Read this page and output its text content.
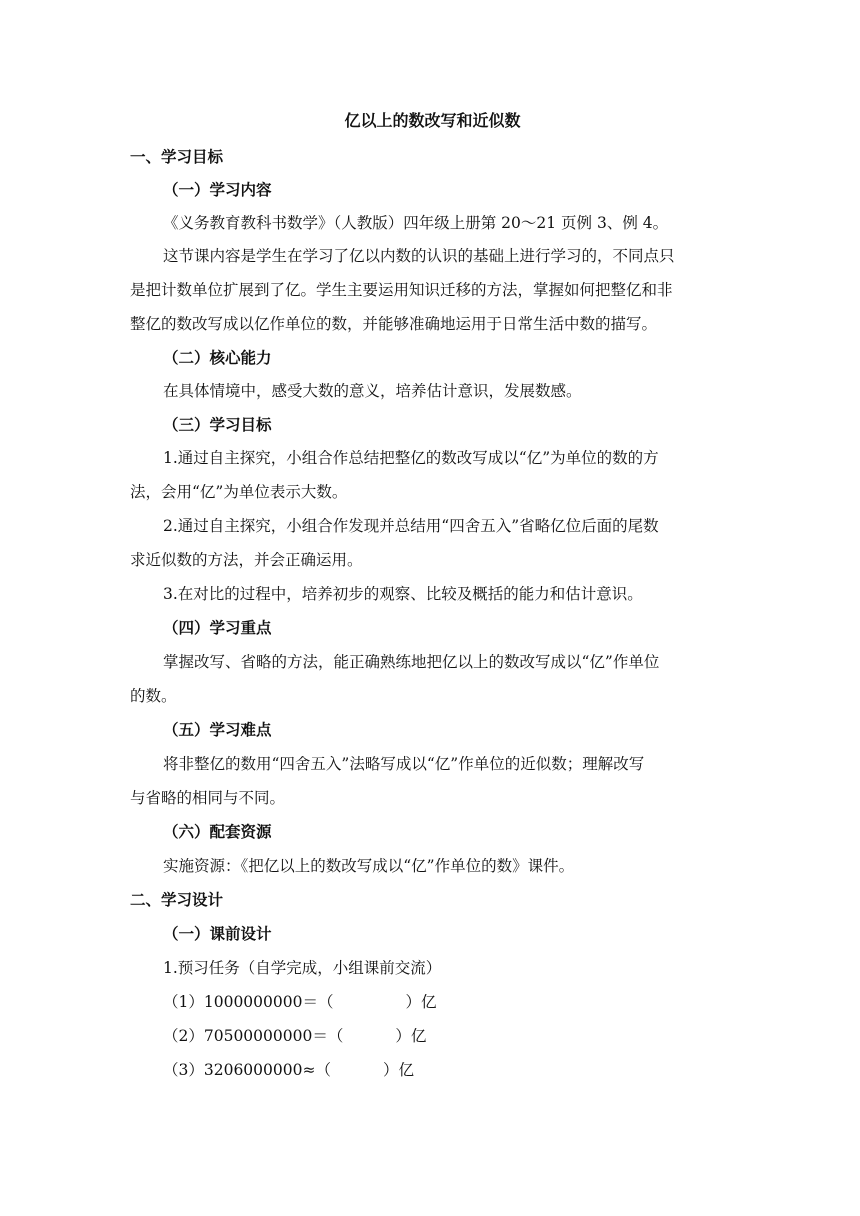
亿以上的数改写和近似数
一、学习目标
（一）学习内容
《义务教育教科书数学》（人教版）四年级上册第 20～21 页例 3、例 4。
这节课内容是学生在学习了亿以内数的认识的基础上进行学习的，不同点只
是把计数单位扩展到了亿。学生主要运用知识迁移的方法，掌握如何把整亿和非
整亿的数改写成以亿作单位的数，并能够准确地运用于日常生活中数的描写。
（二）核心能力
在具体情境中，感受大数的意义，培养估计意识，发展数感。
（三）学习目标
1.通过自主探究，小组合作总结把整亿的数改写成以“亿”为单位的数的方
法，会用“亿”为单位表示大数。
2.通过自主探究，小组合作发现并总结用“四舍五入”省略亿位后面的尾数
求近似数的方法，并会正确运用。
3.在对比的过程中，培养初步的观察、比较及概括的能力和估计意识。
（四）学习重点
掌握改写、省略的方法，能正确熟练地把亿以上的数改写成以“亿”作单位
的数。
（五）学习难点
将非整亿的数用“四舍五入”法略写成以“亿”作单位的近似数；理解改写
与省略的相同与不同。
（六）配套资源
实施资源：《把亿以上的数改写成以“亿”作单位的数》课件。
二、学习设计
（一）课前设计
1.预习任务（自学完成，小组课前交流）
（1）1000000000＝（	）亿
（2）70500000000＝（	）亿
（3）3206000000≈（	）亿
